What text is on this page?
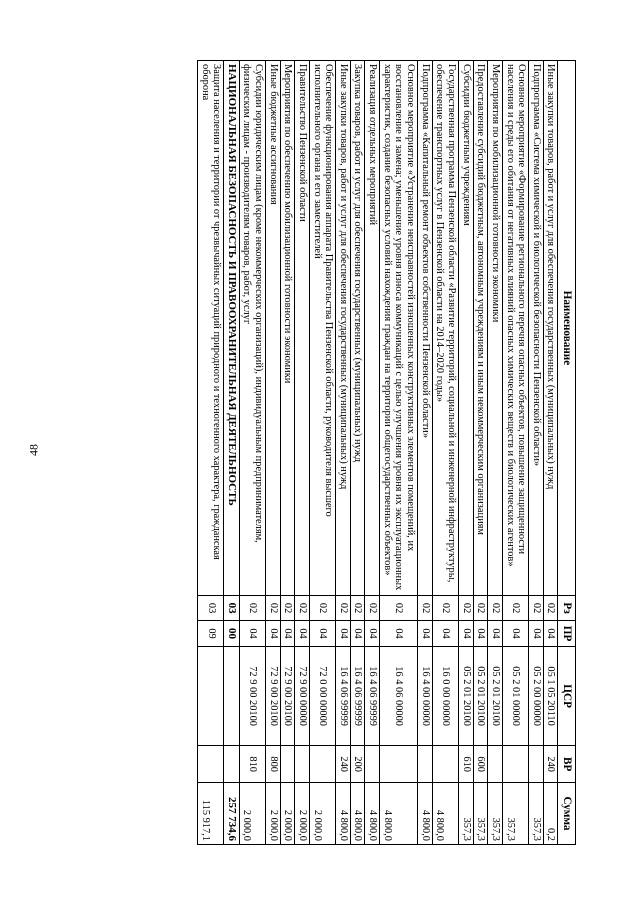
48
Наименование	Рз	ПР	ЦСР	ВР	Сумма
Иные закупки товаров, работ и услуг для обеспечения государственных (муниципальных) нужд	02	04	05 1 05 20110	240	0,2
Подпрограмма «Система химической и биологической безопасности Пензенской области»	02	04	05 2 00 00000		357,3
Основное мероприятие «Формирование регионального перечня опасных объектов, повышение защищенности населения и среды его обитания от негативных влияний опасных химических веществ и биологических агентов»	02	04	05 2 01 00000		357,3
Мероприятия по мобилизационной готовности экономики	02	04	05 2 01 20100		357,3
Предоставление субсидий бюджетным, автономным учреждениям и иным некоммерческим организациям	02	04	05 2 01 20100	600	357,3
Субсидии бюджетным учреждениям	02	04	05 2 01 20100	610	357,3
Государственная программа Пензенской области «Развитие территорий, социальной и инженерной инфраструктуры, обеспечение транспортных услуг в Пензенской области на 2014–2020 годы»	02	04	16 0 00 00000		4 800,0
Подпрограмма «Капитальный ремонт объектов собственности Пензенской области»	02	04	16 4 00 00000		4 800,0
Основное мероприятие «Устранение неисправностей изношенных конструктивных элементов помещений, их восстановление и замена; уменьшение уровня износа коммуникаций с целью улучшения уровня их эксплуатационных характеристик, создание безопасных условий нахождения граждан на территории общегосударственных объектов»	02	04	16 4 06 00000		4 800,0
Реализация отдельных мероприятий	02	04	16 4 06 99999		4 800,0
Закупка товаров, работ и услуг для обеспечения государственных (муниципальных) нужд	02	04	16 4 06 99999	200	4 800,0
Иные закупки товаров, работ и услуг для обеспечения государственных (муниципальных) нужд	02	04	16 4 06 99999	240	4 800,0
Обеспечение функционирования аппарата Правительства Пензенской области, руководителя высшего исполнительного органа и его заместителей	02	04	72 0 00 00000		2 000,0
Правительство Пензенской области	02	04	72 9 00 00000		2 000,0
Мероприятия по обеспечению мобилизационной готовности экономики	02	04	72 9 00 20100		2 000,0
Иные бюджетные ассигнования	02	04	72 9 00 20100	800	2 000,0
Субсидии юридическим лицам (кроме некоммерческих организаций), индивидуальным предпринимателям, физическим лицам - производителям товаров, работ, услуг	02	04	72 9 00 20100	810	2 000,0
НАЦИОНАЛЬНАЯ БЕЗОПАСНОСТЬ И ПРАВООХРАНИТЕЛЬНАЯ ДЕЯТЕЛЬНОСТЬ	03	00			257 734,6
Защита населения и территории от чрезвычайных ситуаций природного и техногенного характера, гражданская оборона	03	09			115 917,1
